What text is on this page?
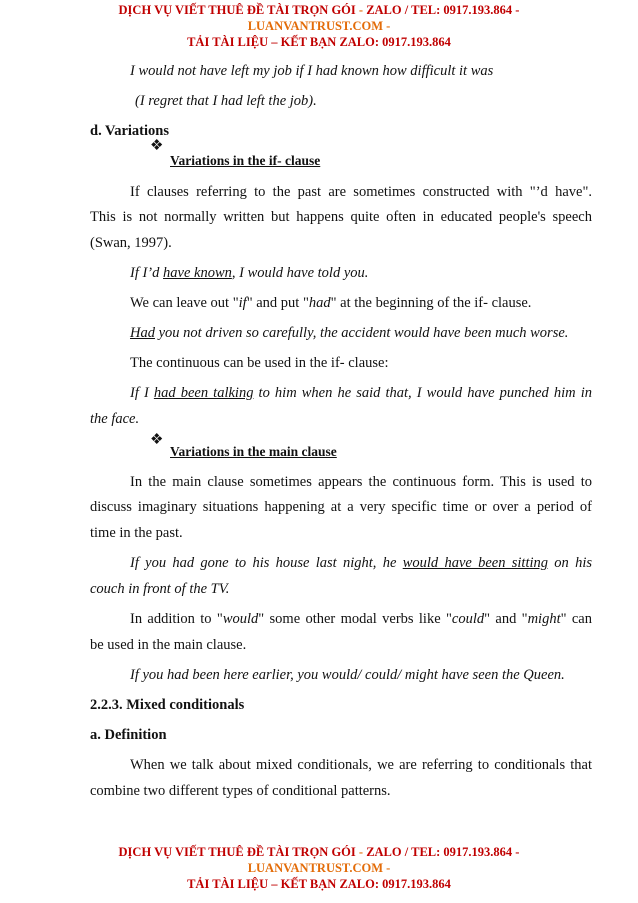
DỊCH VỤ VIẾT THUÊ ĐỀ TÀI TRỌN GÓI - ZALO / TEL: 0917.193.864 -
LUANVANTRUST.COM -
TẢI TÀI LIỆU – KẾT BẠN ZALO: 0917.193.864
I would not have left my job if I had known how difficult it was
(I regret that I had left the job).
d. Variations
❖
Variations in the if- clause
If clauses referring to the past are sometimes constructed with "’d have".
This is not normally written but happens quite often in educated people's speech
(Swan, 1997).
If I’d have known, I would have told you.
We can leave out "if" and put "had" at the beginning of the if- clause.
Had you not driven so carefully, the accident would have been much worse.
The continuous can be used in the if- clause:
If I had been talking to him when he said that, I would have punched him in
the face.
❖
Variations in the main clause
In the main clause sometimes appears the continuous form. This is used to
discuss imaginary situations happening at a very specific time or over a period of
time in the past.
If you had gone to his house last night, he would have been sitting on his
couch in front of the TV.
In addition to "would" some other modal verbs like "could" and "might" can
be used in the main clause.
If you had been here earlier, you would/ could/ might have seen the Queen.
2.2.3. Mixed conditionals
a. Definition
When we talk about mixed conditionals, we are referring to conditionals that
combine two different types of conditional patterns.
DỊCH VỤ VIẾT THUÊ ĐỀ TÀI TRỌN GÓI - ZALO / TEL: 0917.193.864 -
LUANVANTRUST.COM -
TẢI TÀI LIỆU – KẾT BẠN ZALO: 0917.193.864
